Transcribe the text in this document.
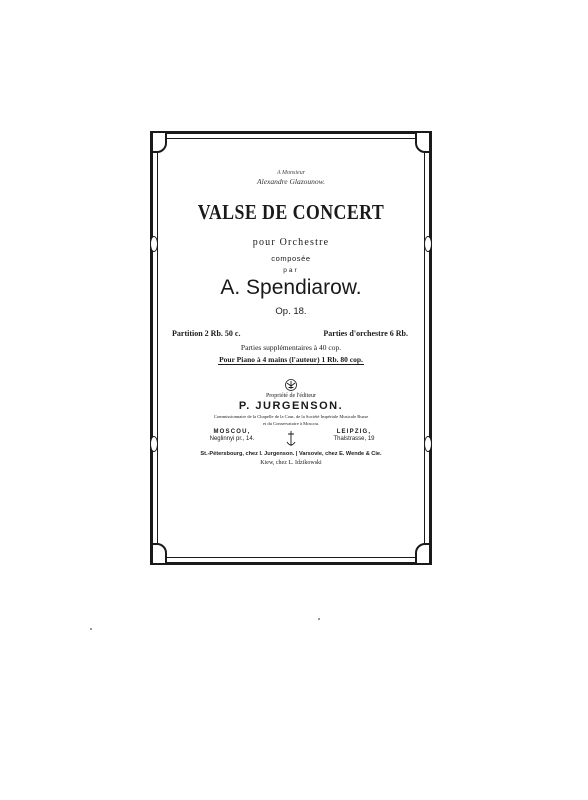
A Monsieur
Alexandre Glazounow.
VALSE DE CONCERT
pour Orchestre
composée
par
A. Spendiarow.
Op. 18.
Partition 2 Rb. 50 c.	Parties d'orchestre 6 Rb.
Parties supplémentaires à 40 cop.
Pour Piano à 4 mains (l'auteur) 1 Rb. 80 cop.
Propriété de l'éditeur
P. JURGENSON.
Commissionnaire de la Chapelle de la Cour, de la Société Impériale Musicale Russe
et du Conservatoire à Moscou.
MOSCOU,
Neglinnyi pr., 14.
LEIPZIG,
Thalstrasse, 19
St.-Pétersbourg, chez I. Jurgenson. | Varsovie, chez E. Wende & Cie.
Kiew, chez L. Idzikowski
